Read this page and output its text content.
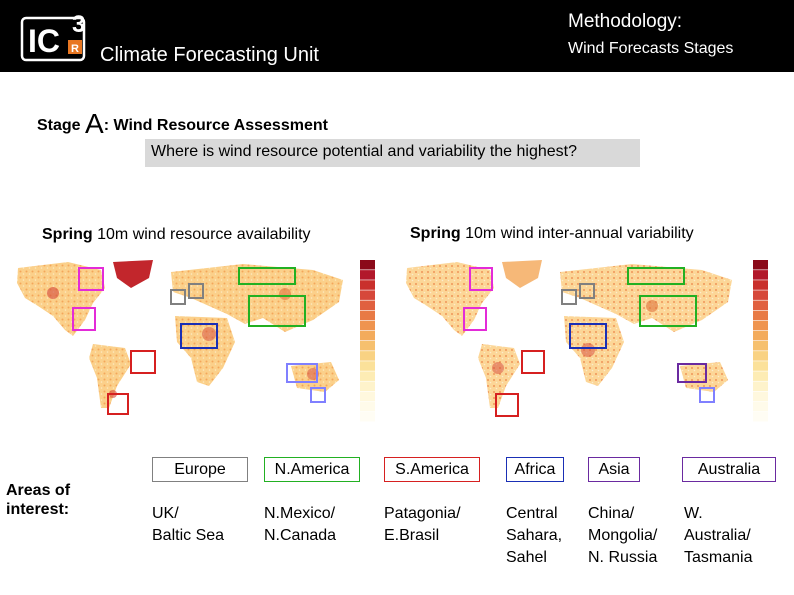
IC 3
R Climate Forecasting Unit
Methodology:
Wind Forecasts Stages
Stage A: Wind Resource Assessment
Where is wind resource potential and variability the highest?
Spring 10m wind resource availability	Spring 10m wind inter-annual variability
Areas of interest:
Europe
UK/
Baltic Sea
N.America
N.Mexico/
N.Canada
S.America
Patagonia/
E.Brasil
Africa
Central
Sahara,
Sahel
Asia
China/
Mongolia/
N. Russia
Australia
W.
Australia/
Tasmania
